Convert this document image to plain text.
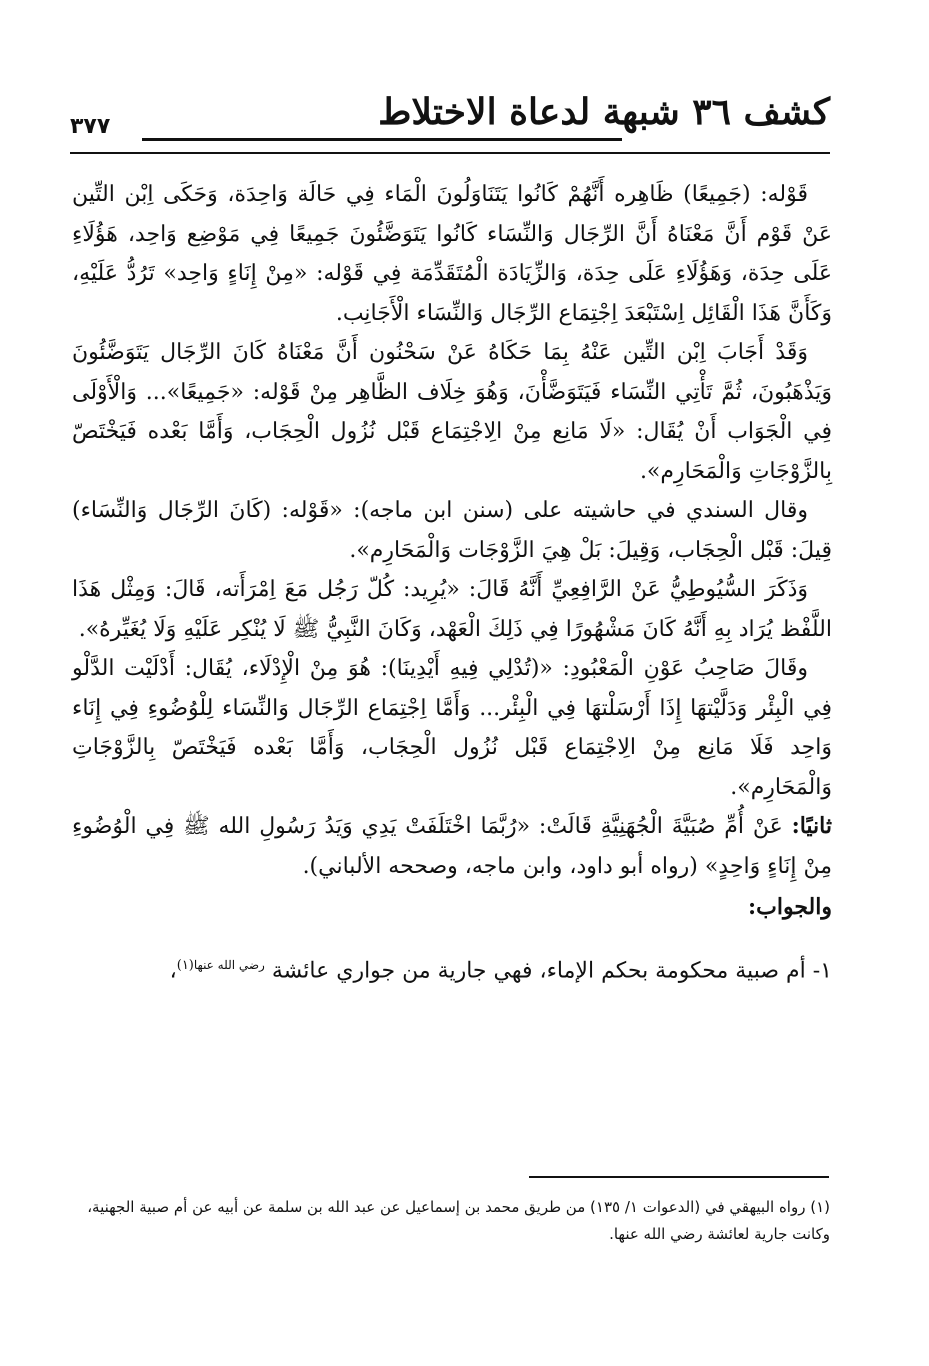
كشف ٣٦ شبهة لدعاة الاختلاط
٣٧٧

قَوْله: (جَمِيعًا) ظَاهِره أَنَّهُمْ كَانُوا يَتَنَاوَلُونَ الْمَاء فِي حَالَة وَاحِدَة، وَحَكَى اِبْن التِّين عَنْ قَوْم أَنَّ مَعْنَاهُ أَنَّ الرِّجَال وَالنِّسَاء كَانُوا يَتَوَضَّئُونَ جَمِيعًا فِي مَوْضِع وَاحِد، هَؤُلَاءِ عَلَى حِدَة، وَهَؤُلَاءِ عَلَى حِدَة، وَالزِّيَادَة الْمُتَقَدِّمَة فِي قَوْله: «مِنْ إِنَاءٍ وَاحِد» تَرُدُّ عَلَيْهِ، وَكَأَنَّ هَذَا الْقَائِل اِسْتَبْعَدَ اِجْتِمَاع الرِّجَال وَالنِّسَاء الْأَجَانِب.

وَقَدْ أَجَابَ اِبْن التِّين عَنْهُ بِمَا حَكَاهُ عَنْ سَحْنُون أَنَّ مَعْنَاهُ كَانَ الرِّجَال يَتَوَضَّئُونَ وَيَذْهَبُونَ، ثُمَّ تَأْتِي النِّسَاء فَيَتَوَضَّأْنَ، وَهُوَ خِلَاف الظَّاهِر مِنْ قَوْله: «جَمِيعًا»... وَالْأَوْلَى فِي الْجَوَاب أَنْ يُقَال: «لَا مَانِع مِنْ الِاجْتِمَاع قَبْل نُزُول الْحِجَاب، وَأَمَّا بَعْده فَيَخْتَصّ بِالزَّوْجَاتِ وَالْمَحَارِم».

وقال السندي في حاشيته على (سنن ابن ماجه): «قَوْله: (كَانَ الرِّجَال وَالنِّسَاء) قِيلَ: قَبْل الْحِجَاب، وَقِيلَ: بَلْ هِيَ الزَّوْجَات وَالْمَحَارِم».

وَذَكَرَ السُّيُوطِيُّ عَنْ الرَّافِعِيِّ أَنَّهُ قَالَ: «يُرِيد: كُلّ رَجُل مَعَ اِمْرَأَته، قَالَ: وَمِثْل هَذَا اللَّفْظ يُرَاد بِهِ أَنَّهُ كَانَ مَشْهُورًا فِي ذَلِكَ الْعَهْد، وَكَانَ النَّبِيُّ ﷺ لَا يُنْكِر عَلَيْهِ وَلَا يُغَيِّرهُ».

وقَالَ صَاحِبُ عَوْنِ الْمَعْبُودِ: «(تُدْلِي فِيهِ أَيْدِينَا): هُوَ مِنْ الْإِدْلَاء، يُقَال: أَدْلَيْت الدَّلْو فِي الْبِئْر وَدَلَّيْتهَا إِذَا أَرْسَلْتهَا فِي الْبِئْر... وَأَمَّا اِجْتِمَاع الرِّجَال وَالنِّسَاء لِلْوُضُوءِ فِي إِنَاء وَاحِد فَلَا مَانِع مِنْ الِاجْتِمَاع قَبْل نُزُول الْحِجَاب، وَأَمَّا بَعْده فَيَخْتَصّ بِالزَّوْجَاتِ وَالْمَحَارِم».

ثانيًا: عَنْ أُمِّ صُبَيَّةَ الْجُهَنِيَّةِ قَالَتْ: «رُبَّمَا اخْتَلَفَتْ يَدِي وَيَدُ رَسُولِ الله ﷺ فِي الْوُضُوءِ مِنْ إِنَاءٍ وَاحِدٍ» (رواه أبو داود، وابن ماجه، وصححه الألباني).

والجواب:

١- أم صبية محكومة بحكم الإماء، فهي جارية من جواري عائشة $^{رضي الله عنها(١)}$،

(١) رواه البيهقي في (الدعوات ١/ ١٣٥) من طريق محمد بن إسماعيل عن عبد الله بن سلمة عن أبيه عن أم صبية الجهنية، وكانت جارية لعائشة رضي الله عنها.
